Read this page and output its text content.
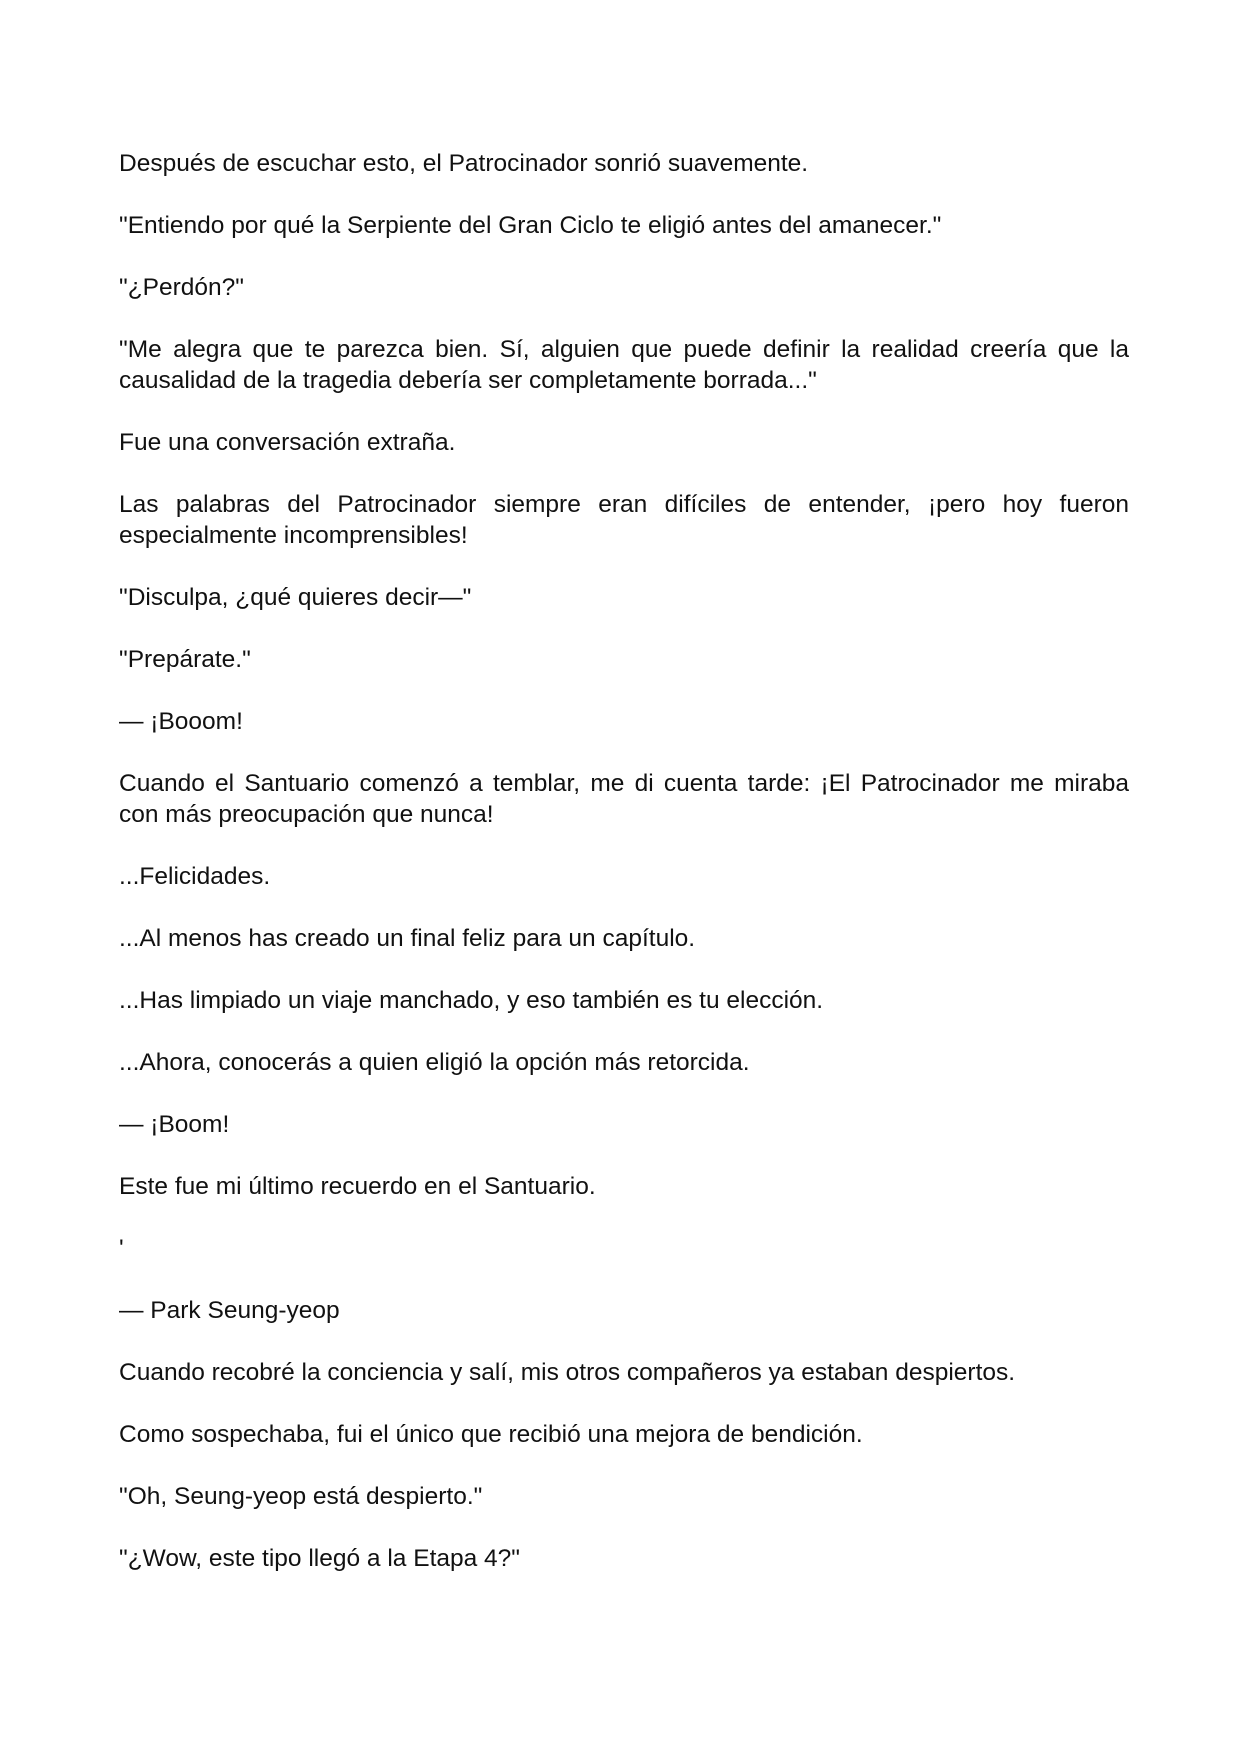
Después de escuchar esto, el Patrocinador sonrió suavemente.

"Entiendo por qué la Serpiente del Gran Ciclo te eligió antes del amanecer."

"¿Perdón?"

"Me alegra que te parezca bien. Sí, alguien que puede definir la realidad creería que la causalidad de la tragedia debería ser completamente borrada..."

Fue una conversación extraña.

Las palabras del Patrocinador siempre eran difíciles de entender, ¡pero hoy fueron especialmente incomprensibles!

"Disculpa, ¿qué quieres decir—"

"Prepárate."

— ¡Booom!

Cuando el Santuario comenzó a temblar, me di cuenta tarde: ¡El Patrocinador me miraba con más preocupación que nunca!

...Felicidades.

...Al menos has creado un final feliz para un capítulo.

...Has limpiado un viaje manchado, y eso también es tu elección.

...Ahora, conocerás a quien eligió la opción más retorcida.

— ¡Boom!

Este fue mi último recuerdo en el Santuario.

'

— Park Seung-yeop

Cuando recobré la conciencia y salí, mis otros compañeros ya estaban despiertos.

Como sospechaba, fui el único que recibió una mejora de bendición.

"Oh, Seung-yeop está despierto."

"¿Wow, este tipo llegó a la Etapa 4?"
